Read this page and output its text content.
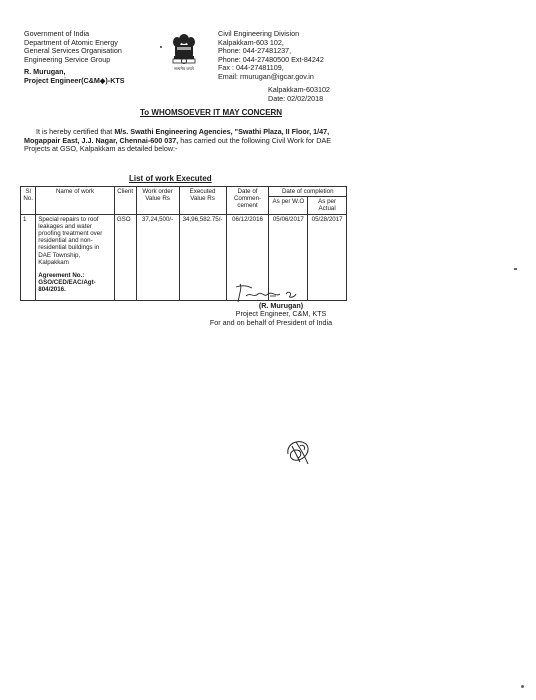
Government of India
Department of Atomic Energy
General Services Organisation
Engineering Service Group
R. Murugan,
Project Engineer(C&M◆)-KTS
सत्यमेव जयते
Civil Engineering Division
Kalpakkam-603 102,
Phone: 044-27481237,
Phone: 044-27480500 Ext-84242
Fax : 044-27481109,
Email: rmurugan@igcar.gov.in
Kalpakkam-603102
Date: 02/02/2018
To WHOMSOEVER IT MAY CONCERN
It is hereby certified that M/s. Swathi Engineering Agencies, "Swathi Plaza, II Floor, 1/47, Mogappair East, J.J. Nagar, Chennai-600 037, has carried out the following Civil Work for DAE Projects at GSO, Kalpakkam as detailed below:-
List of work Executed
Sl No.	Name of work	Client	Work order Value Rs	Executed Value Rs	Date of Commen-cement	Date of completion	
						As per W.O	As per Actual
1	Special repairs to roof leakages and water proofing treatment over residential and non-residential buildings in DAE Township, Kalpakkam
Agreement No.:
GSO/CED/EAC/Agt-804/2016.	GSO	37,24,500/-	34,96,582.75/-	06/12/2016	05/06/2017	05/28/2017
(R. Murugan)
Project Engineer, C&M, KTS
For and on behalf of President of India
